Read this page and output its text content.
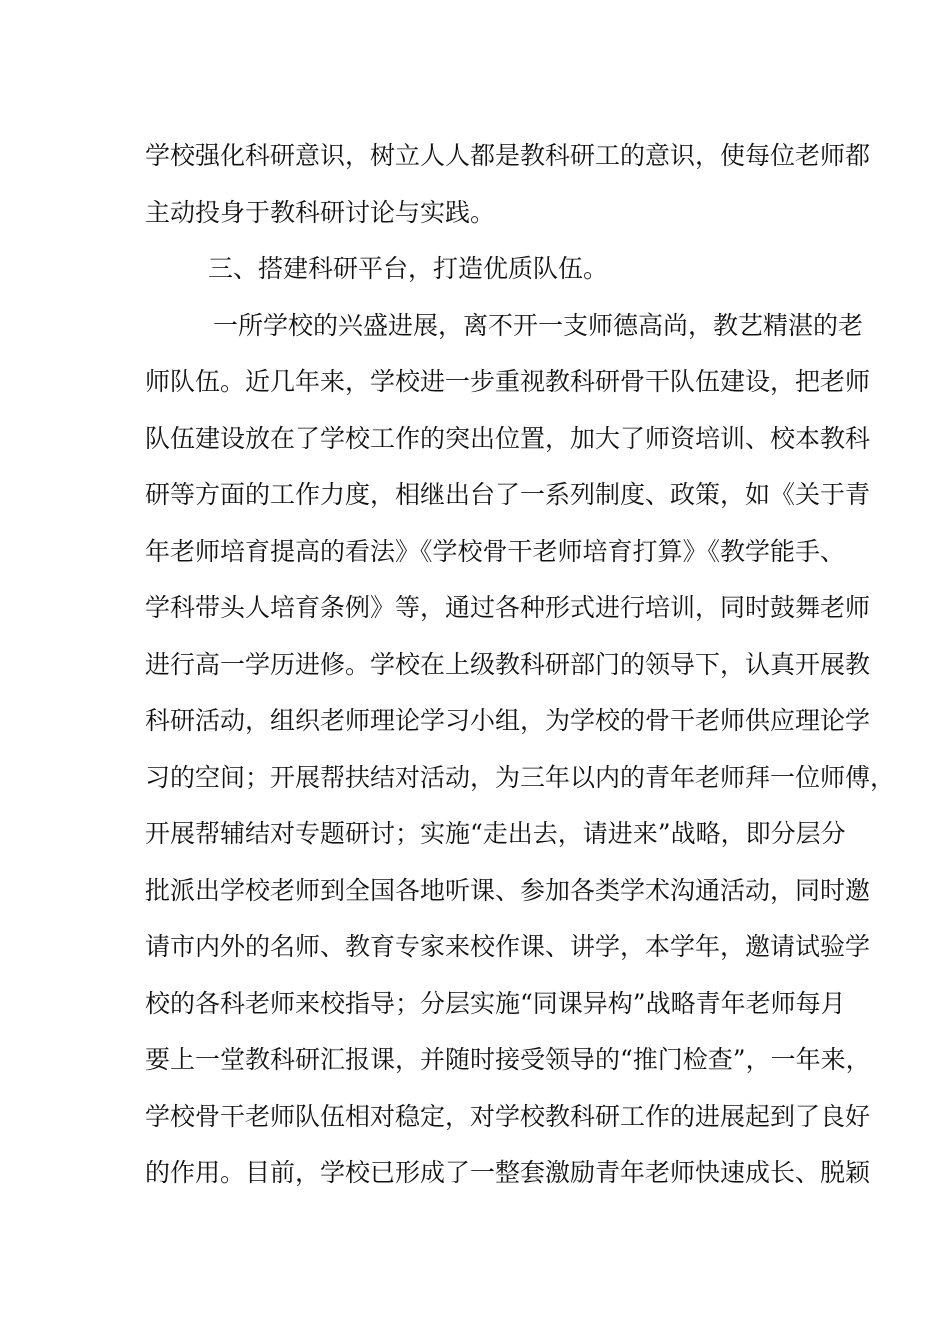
学校强化科研意识，树立人人都是教科研工的意识，使每位老师都
主动投身于教科研讨论与实践。
三、搭建科研平台，打造优质队伍。
一所学校的兴盛进展，离不开一支师德高尚，教艺精湛的老
师队伍。近几年来，学校进一步重视教科研骨干队伍建设，把老师
队伍建设放在了学校工作的突出位置，加大了师资培训、校本教科
研等方面的工作力度，相继出台了一系列制度、政策，如《关于青
年老师培育提高的看法》《学校骨干老师培育打算》《教学能手、
学科带头人培育条例》等，通过各种形式进行培训，同时鼓舞老师
进行高一学历进修。学校在上级教科研部门的领导下，认真开展教
科研活动，组织老师理论学习小组，为学校的骨干老师供应理论学
习的空间；开展帮扶结对活动，为三年以内的青年老师拜一位师傅，
开展帮辅结对专题研讨；实施“走出去，请进来”战略，即分层分
批派出学校老师到全国各地听课、参加各类学术沟通活动，同时邀
请市内外的名师、教育专家来校作课、讲学，本学年，邀请试验学
校的各科老师来校指导；分层实施“同课异构”战略青年老师每月
要上一堂教科研汇报课，并随时接受领导的“推门检查”，一年来，
学校骨干老师队伍相对稳定，对学校教科研工作的进展起到了良好
的作用。目前，学校已形成了一整套激励青年老师快速成长、脱颖
